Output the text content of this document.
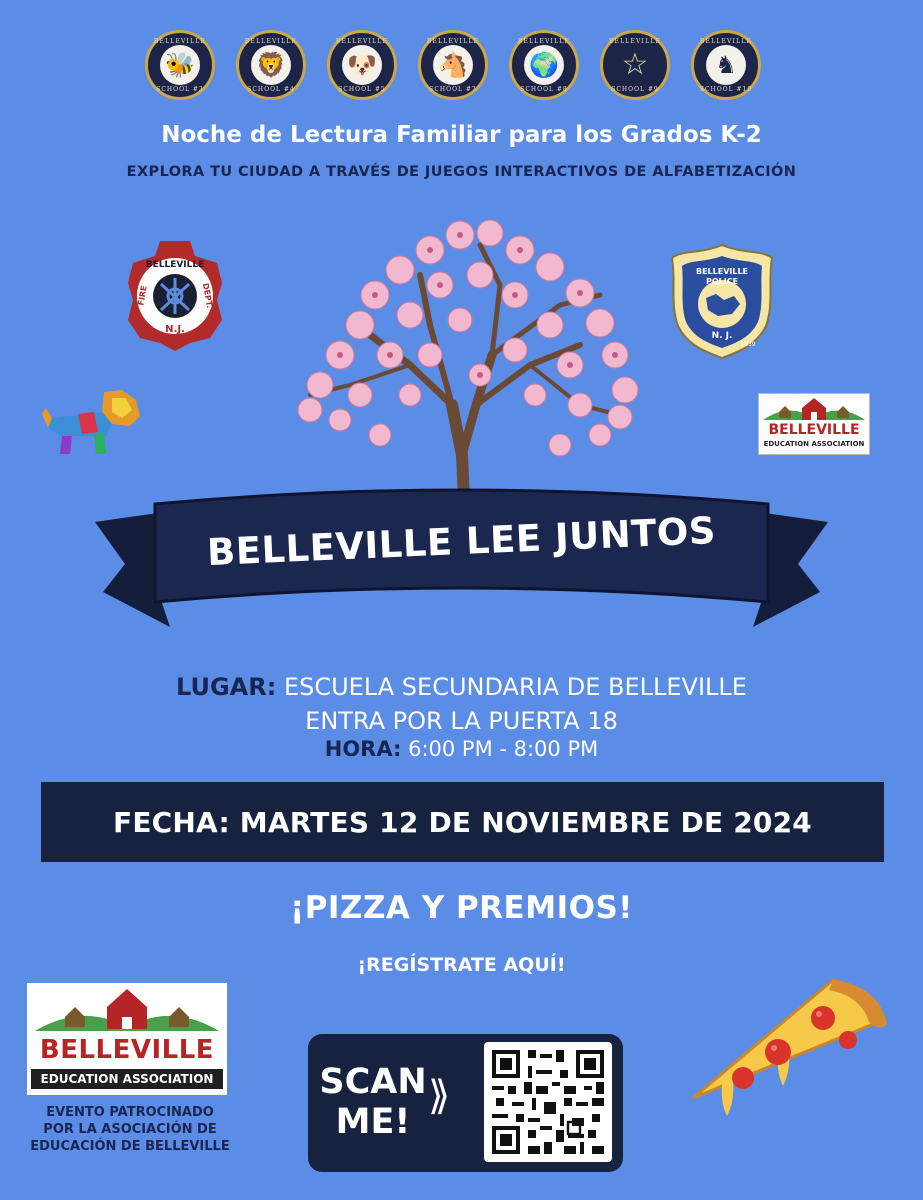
BELLEVILLE
🐝
SCHOOL #3
BELLEVILLE
🦁
SCHOOL #4
BELLEVILLE
🐶
SCHOOL #5
BELLEVILLE
🐴
SCHOOL #7
BELLEVILLE
🌍
SCHOOL #8
BELLEVILLE
☆
SCHOOL #9
BELLEVILLE
♞
SCHOOL #10
Noche de Lectura Familiar para los Grados K-2
EXPLORA TU CIUDAD A TRAVÉS DE JUEGOS INTERACTIVOS DE ALFABETIZACIÓN
BELLEVILLE
FIRE	DEPT.
N.J.
BELLEVILLE
POLICE
N. J.
1839
BELLEVILLE
EDUCATION ASSOCIATION
BELLEVILLE LEE JUNTOS
LUGAR: ESCUELA SECUNDARIA DE BELLEVILLE
ENTRA POR LA PUERTA 18
HORA: 6:00 PM - 8:00 PM
FECHA: MARTES 12 DE NOVIEMBRE DE 2024
¡PIZZA Y PREMIOS!
¡REGÍSTRATE AQUÍ!
BELLEVILLE
EDUCATION ASSOCIATION
EVENTO PATROCINADO
POR LA ASOCIACIÓN DE
EDUCACIÓN DE BELLEVILLE
SCAN
ME!
⟫
